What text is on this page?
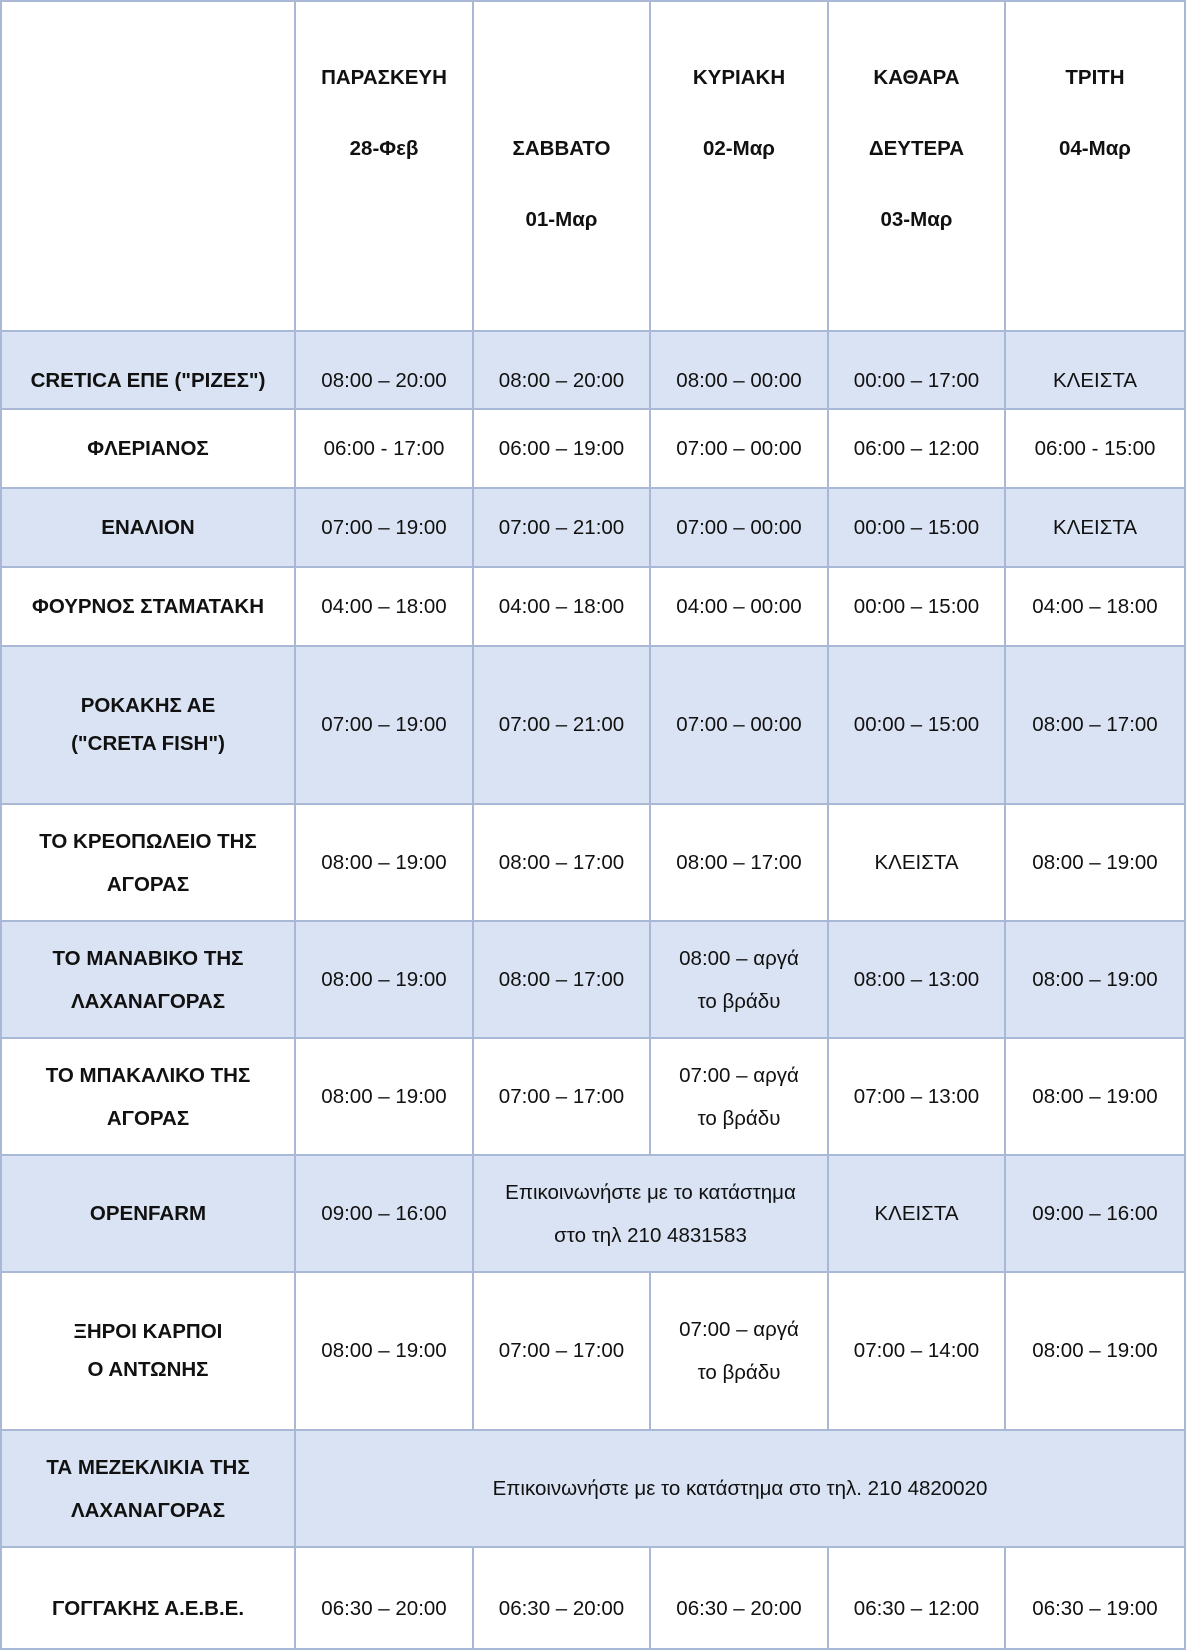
	ΠΑΡΑΣΚΕΥΗ
28-Φεβ	ΣΑΒΒΑΤΟ
01-Μαρ	ΚΥΡΙΑΚΗ
02-Μαρ	ΚΑΘΑΡΑ
ΔΕΥΤΕΡΑ
03-Μαρ	ΤΡΙΤΗ
04-Μαρ

CRETICA ΕΠΕ ("ΡΙΖΕΣ")	08:00 – 20:00	08:00 – 20:00	08:00 – 00:00	00:00 – 17:00	ΚΛΕΙΣΤΑ
ΦΛΕΡΙΑΝΟΣ	06:00 - 17:00	06:00 – 19:00	07:00 – 00:00	06:00 – 12:00	06:00 - 15:00
ΕΝΑΛΙΟΝ	07:00 – 19:00	07:00 – 21:00	07:00 – 00:00	00:00 – 15:00	ΚΛΕΙΣΤΑ
ΦΟΥΡΝΟΣ ΣΤΑΜΑΤΑΚΗ	04:00 – 18:00	04:00 – 18:00	04:00 – 00:00	00:00 – 15:00	04:00 – 18:00

ΡΟΚΑΚΗΣ ΑΕ
("CRETA FISH")	07:00 – 19:00	07:00 – 21:00	07:00 – 00:00	00:00 – 15:00	08:00 – 17:00

ΤΟ ΚΡΕΟΠΩΛΕΙΟ ΤΗΣ
ΑΓΟΡΑΣ	08:00 – 19:00	08:00 – 17:00	08:00 – 17:00	ΚΛΕΙΣΤΑ	08:00 – 19:00

ΤΟ ΜΑΝΑΒΙΚΟ ΤΗΣ
ΛΑΧΑΝΑΓΟΡΑΣ	08:00 – 19:00	08:00 – 17:00	08:00 – αργά
το βράδυ	08:00 – 13:00	08:00 – 19:00

ΤΟ ΜΠΑΚΑΛΙΚΟ ΤΗΣ
ΑΓΟΡΑΣ	08:00 – 19:00	07:00 – 17:00	07:00 – αργά
το βράδυ	07:00 – 13:00	08:00 – 19:00
OPENFARM	09:00 – 16:00	Επικοινωνήστε με το κατάστημα
στο τηλ 210 4831583		ΚΛΕΙΣΤΑ	09:00 – 16:00

ΞΗΡΟΙ ΚΑΡΠΟΙ
Ο ΑΝΤΩΝΗΣ	08:00 – 19:00	07:00 – 17:00	07:00 – αργά
το βράδυ	07:00 – 14:00	08:00 – 19:00

ΤΑ ΜΕΖΕΚΛΙΚΙΑ ΤΗΣ
ΛΑΧΑΝΑΓΟΡΑΣ	Επικοινωνήστε με το κατάστημα στο τηλ. 210 4820020				
ΓΟΓΓΑΚΗΣ Α.Ε.Β.Ε.	06:30 – 20:00	06:30 – 20:00	06:30 – 20:00	06:30 – 12:00	06:30 – 19:00
